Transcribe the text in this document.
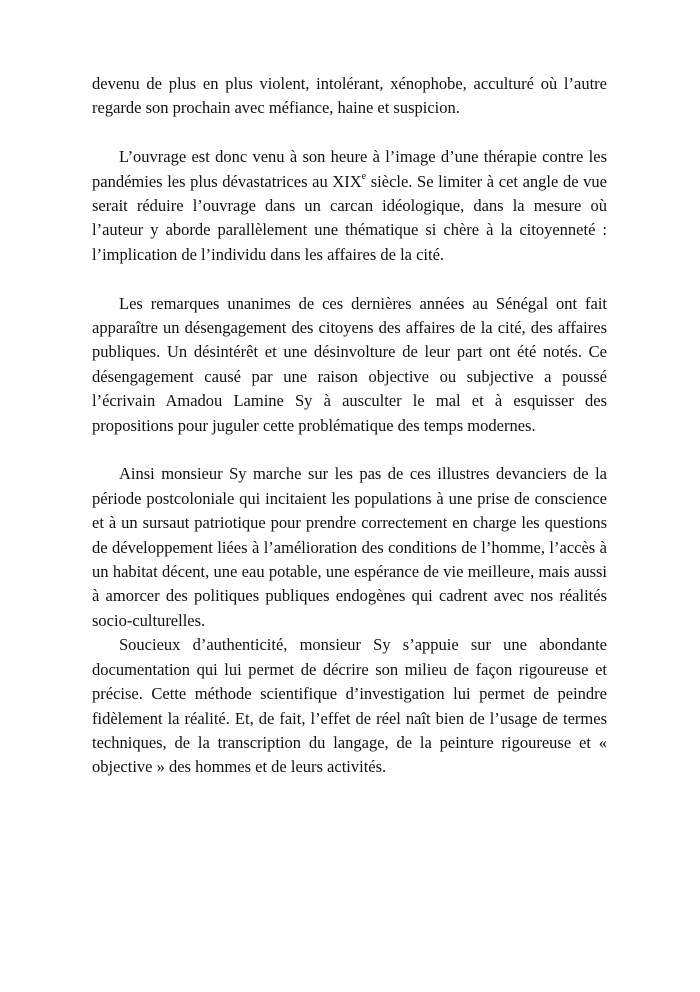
devenu de plus en plus violent, intolérant, xénophobe, acculturé où l’autre regarde son prochain avec méfiance, haine et suspicion.

L’ouvrage est donc venu à son heure à l’image d’une thérapie contre les pandémies les plus dévastatrices au XIXe siècle. Se limiter à cet angle de vue serait réduire l’ouvrage dans un carcan idéologique, dans la mesure où l’auteur y aborde parallèlement une thématique si chère à la citoyenneté : l’implication de l’individu dans les affaires de la cité.

Les remarques unanimes de ces dernières années au Sénégal ont fait apparaître un désengagement des citoyens des affaires de la cité, des affaires publiques. Un désintérêt et une désinvolture de leur part ont été notés. Ce désengagement causé par une raison objective ou subjective a poussé l’écrivain Amadou Lamine Sy à ausculter le mal et à esquisser des propositions pour juguler cette problématique des temps modernes.

Ainsi monsieur Sy marche sur les pas de ces illustres devanciers de la période postcoloniale qui incitaient les populations à une prise de conscience et à un sursaut patriotique pour prendre correctement en charge les questions de développement liées à l’amélioration des conditions de l’homme, l’accès à un habitat décent, une eau potable, une espérance de vie meilleure, mais aussi à amorcer des politiques publiques endogènes qui cadrent avec nos réalités socio-culturelles.

Soucieux d’authenticité, monsieur Sy s’appuie sur une abondante documentation qui lui permet de décrire son milieu de façon rigoureuse et précise. Cette méthode scientifique d’investigation lui permet de peindre fidèlement la réalité. Et, de fait, l’effet de réel naît bien de l’usage de termes techniques, de la transcription du langage, de la peinture rigoureuse et « objective » des hommes et de leurs activités.
